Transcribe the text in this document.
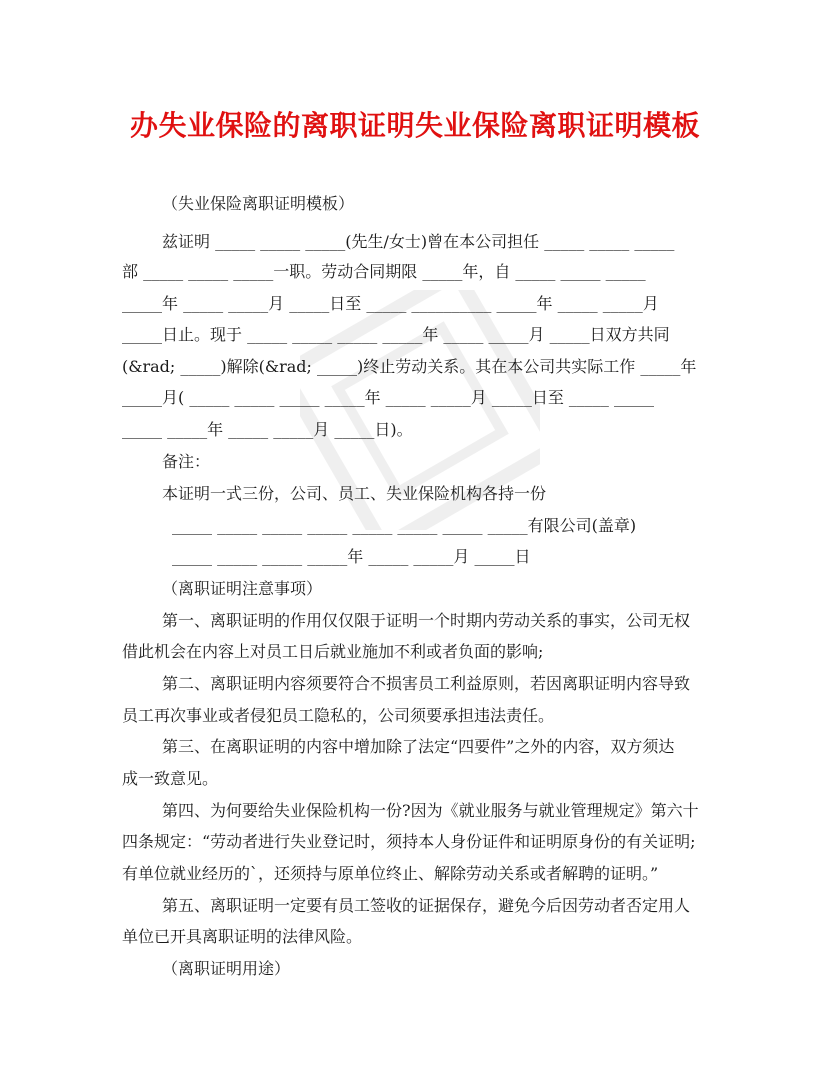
办失业保险的离职证明失业保险离职证明模板
（失业保险离职证明模板）
兹证明 _____ _____ _____(先生/女士)曾在本公司担任 _____ _____ _____
部 _____ _____ _____一职。劳动合同期限 _____年，自 _____ _____ _____
_____年 _____ _____月 _____日至 _____ __________ _____年 _____ _____月
_____日止。现于 _____ _____ _____ _____年 _____ _____月 _____日双方共同
(&rad; _____)解除(&rad; _____)终止劳动关系。其在本公司共实际工作 _____年
_____月( _____ _____ _____ _____年 _____ _____月 _____日至 _____ _____
_____ _____年 _____ _____月 _____日)。
备注：
本证明一式三份，公司、员工、失业保险机构各持一份
_____ _____ _____ _____ _____ _____ _____ _____有限公司(盖章)
_____ _____ _____ _____年 _____ _____月 _____日
（离职证明注意事项）
第一、离职证明的作用仅仅限于证明一个时期内劳动关系的事实，公司无权
借此机会在内容上对员工日后就业施加不利或者负面的影响;
第二、离职证明内容须要符合不损害员工利益原则，若因离职证明内容导致
员工再次事业或者侵犯员工隐私的，公司须要承担违法责任。
第三、在离职证明的内容中增加除了法定“四要件”之外的内容，双方须达
成一致意见。
第四、为何要给失业保险机构一份?因为《就业服务与就业管理规定》第六十
四条规定：“劳动者进行失业登记时，须持本人身份证件和证明原身份的有关证明;
有单位就业经历的`，还须持与原单位终止、解除劳动关系或者解聘的证明。”
第五、离职证明一定要有员工签收的证据保存，避免今后因劳动者否定用人
单位已开具离职证明的法律风险。
（离职证明用途）
